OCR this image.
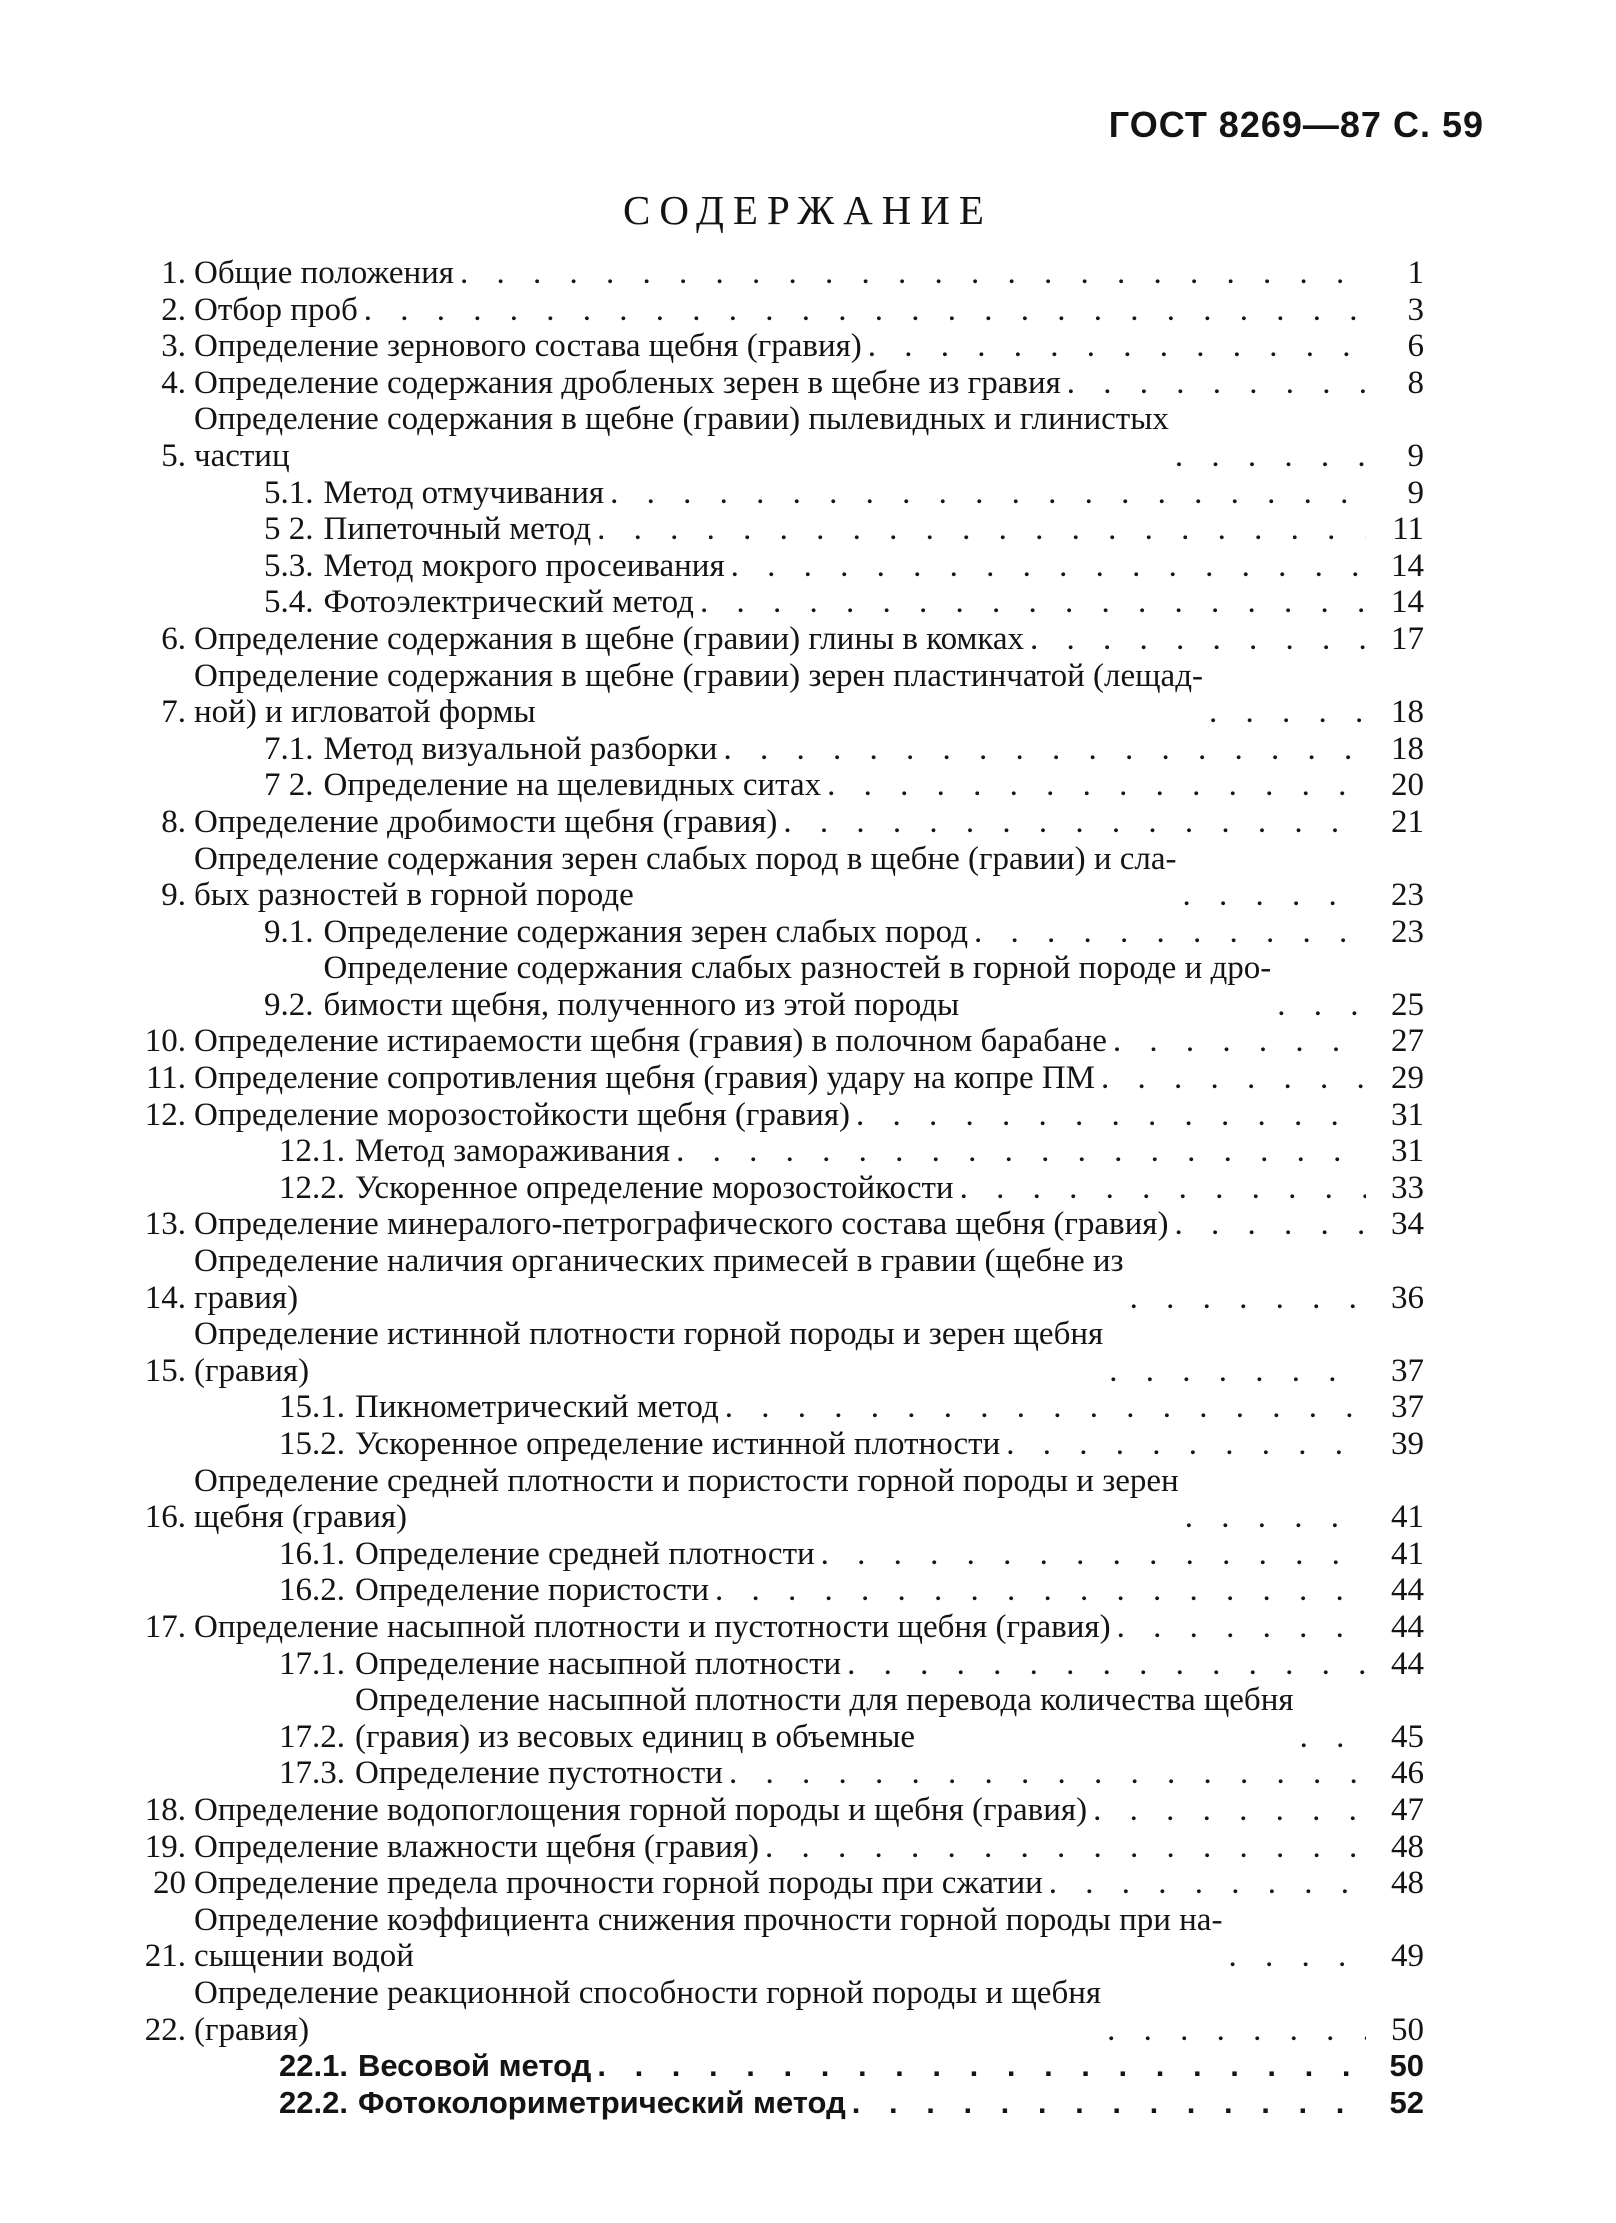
ГОСТ 8269—87 С. 59
СОДЕРЖАНИЕ
1. Общие положения . . .	1
2. Отбор проб . . .	3
3. Определение зернового состава щебня (гравия) . . .	6
4. Определение содержания дробленых зерен в щебне из гравия . . .	8
5.
Определение содержания в щебне (гравии) пылевидных и глинистых
частиц . . .	9
5.1. Метод отмучивания . . .	9
5 2. Пипеточный метод . . .	11
5.3. Метод мокрого просеивания . . .	14
5.4. Фотоэлектрический метод . . .	14
6. Определение содержания в щебне (гравии) глины в комках . . .	17
7.
Определение содержания в щебне (гравии) зерен пластинчатой (лещад-
ной) и игловатой формы . . .	18
7.1. Метод визуальной разборки . . .	18
7 2. Определение на щелевидных ситах . . .	20
8. Определение дробимости щебня (гравия) . . .	21
9.
Определение содержания зерен слабых пород в щебне (гравии) и сла-
бых разностей в горной породе . . .	23
9.1. Определение содержания зерен слабых пород . . .	23
9.2.
Определение содержания слабых разностей в горной породе и дро-
бимости щебня, полученного из этой породы . . .	25
10. Определение истираемости щебня (гравия) в полочном барабане . . .	27
11. Определение сопротивления щебня (гравия) удару на копре ПМ . . .	29
12. Определение морозостойкости щебня (гравия) . . .	31
12.1. Метод замораживания . . .	31
12.2. Ускоренное определение морозостойкости . . .	33
13. Определение минералого-петрографического состава щебня (гравия) . . .	34
14.
Определение наличия органических примесей в гравии (щебне из
гравия) . . .	36
15.
Определение истинной плотности горной породы и зерен щебня
(гравия) . . .	37
15.1. Пикнометрический метод . . .	37
15.2. Ускоренное определение истинной плотности . . .	39
16.
Определение средней плотности и пористости горной породы и зерен
щебня (гравия) . . .	41
16.1. Определение средней плотности . . .	41
16.2. Определение пористости . . .	44
17. Определение насыпной плотности и пустотности щебня (гравия) . . .	44
17.1. Определение насыпной плотности . . .	44
17.2.
Определение насыпной плотности для перевода количества щебня
(гравия) из весовых единиц в объемные . . .	45
17.3. Определение пустотности . . .	46
18. Определение водопоглощения горной породы и щебня (гравия) . . .	47
19. Определение влажности щебня (гравия) . . .	48
20 Определение предела прочности горной породы при сжатии . . .	48
21.
Определение коэффициента снижения прочности горной породы при на-
сыщении водой . . .	49
22.
Определение реакционной способности горной породы и щебня
(гравия) . . .	50
22.1. Весовой метод . . .	50
22.2. Фотоколориметрический метод . . .	52
